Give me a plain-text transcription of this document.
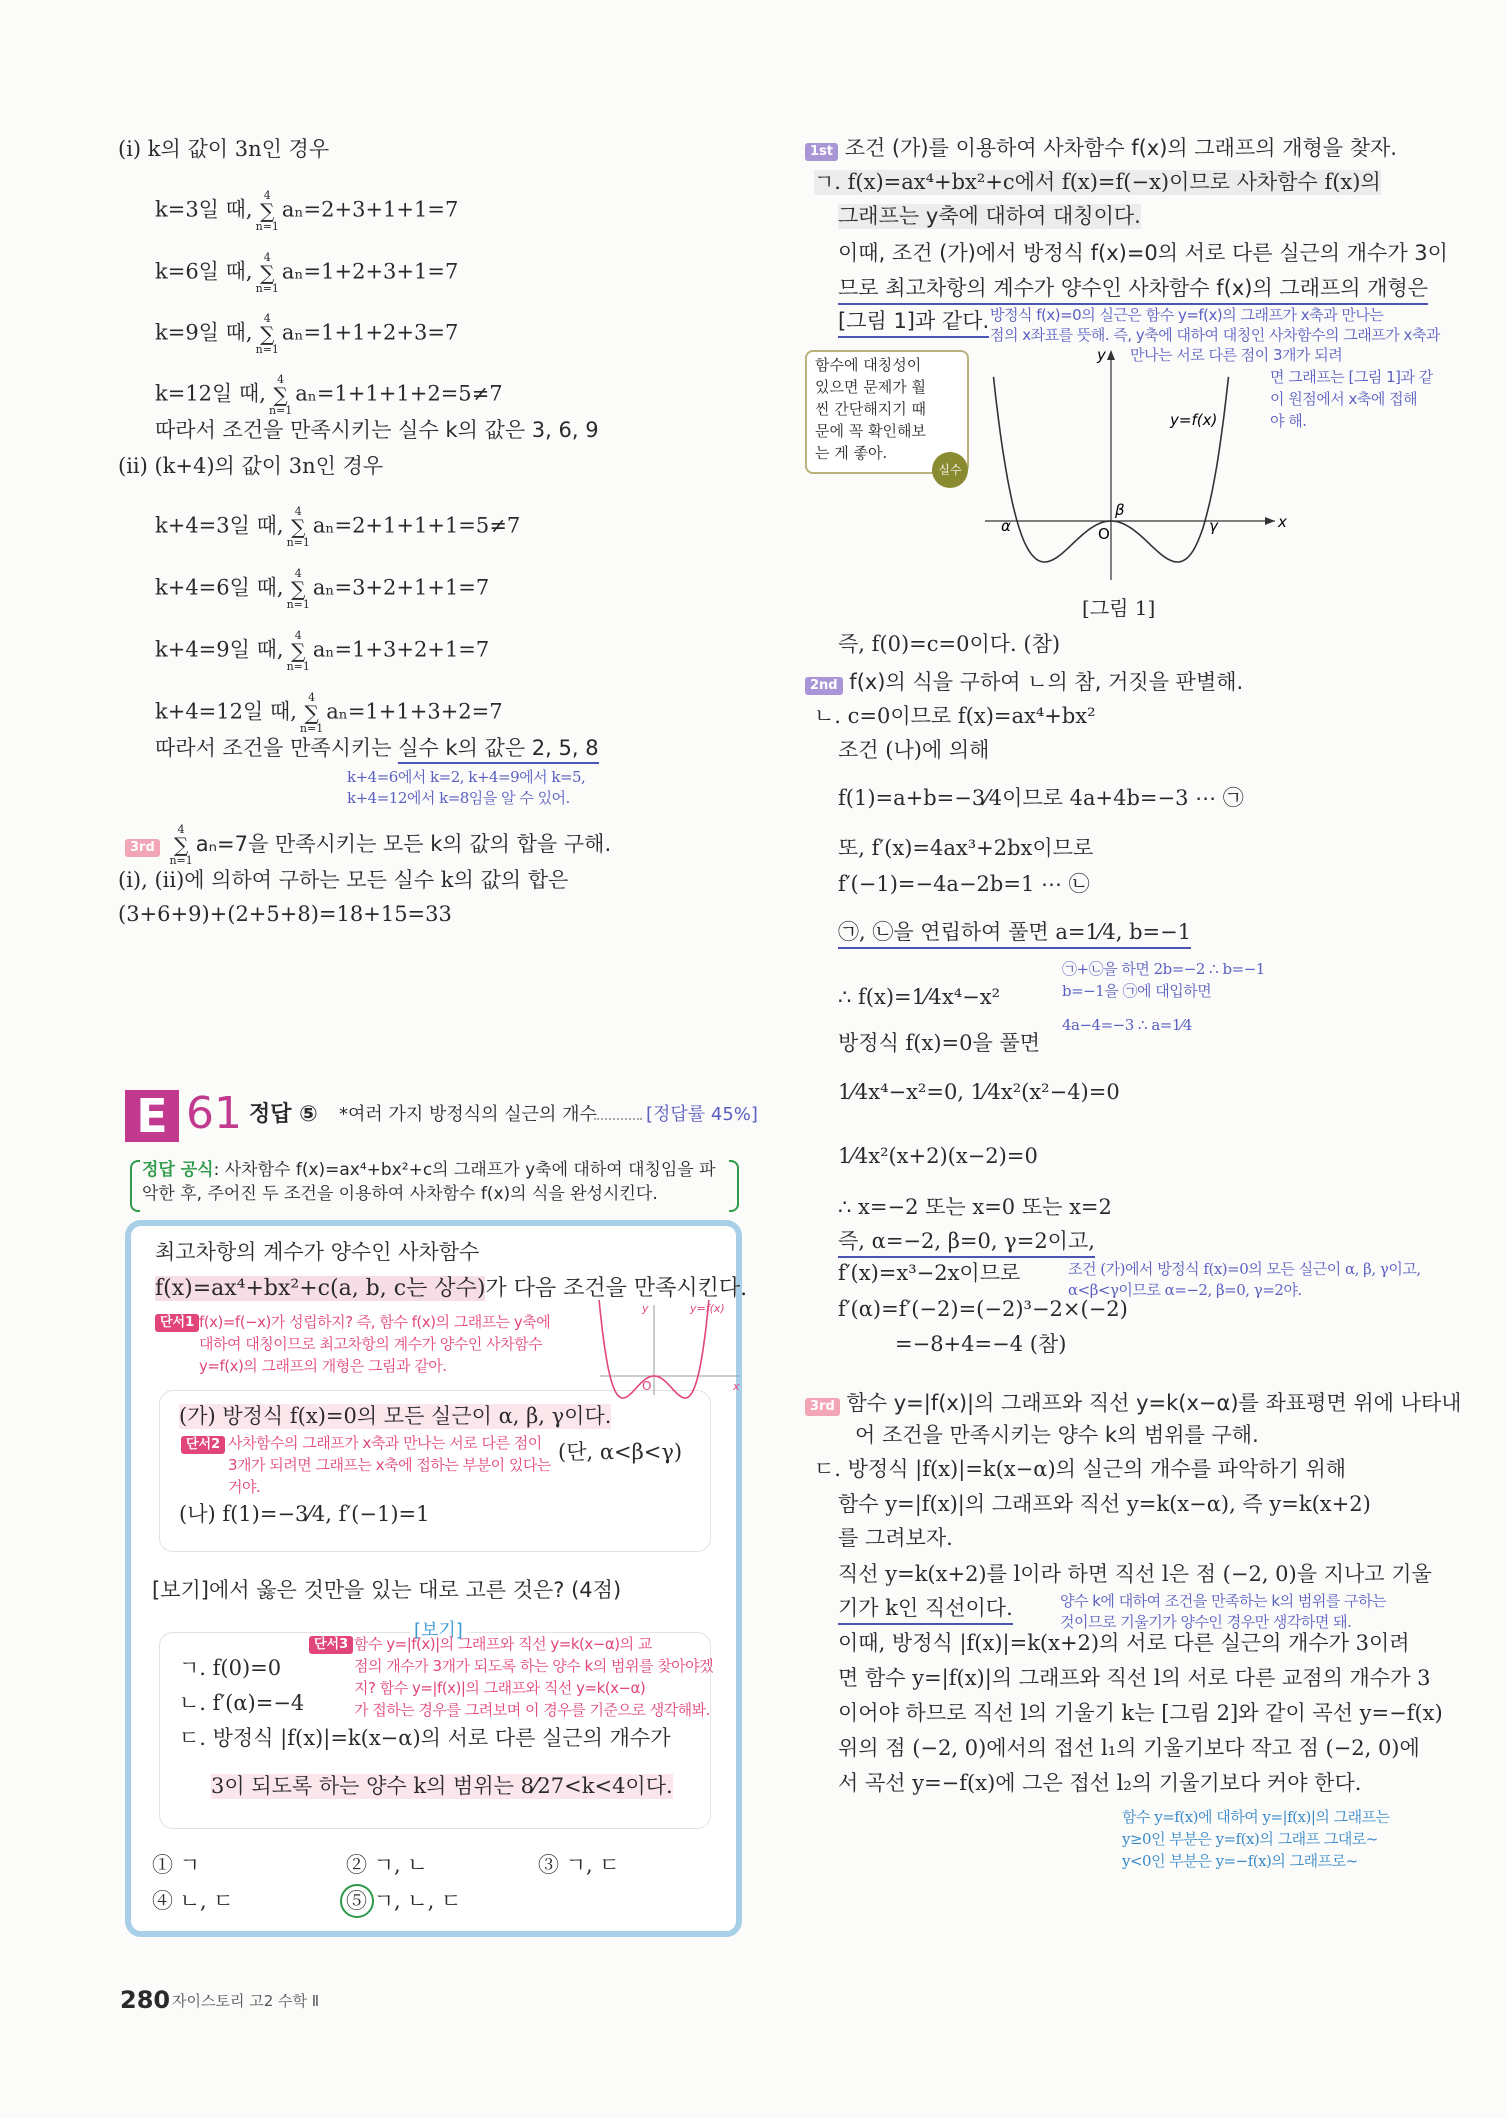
E 61 정답 ⑤ *여러 가지 방정식의 실근의 개수	[정답률 45%]
정답 공식: 사차함수 f(x)=ax⁴+bx²+c의 그래프가 y축에 대하여 대칭임을 파
악한 후, 주어진 두 조건을 이용하여 사차함수 f(x)의 식을 완성시킨다.
y
x
O
α
β
γ
y=f(x)
y	y=f(x)
O	x
(i) k의 값이 3n인 경우
k=3일 때,
4
∑
n=1
aₙ=2+3+1+1=7
k=6일 때,
4
∑
n=1
aₙ=1+2+3+1=7
k=9일 때,
4
∑
n=1
aₙ=1+1+2+3=7
k=12일 때,
4
∑
n=1
aₙ=1+1+1+2=5≠7
따라서 조건을 만족시키는 실수 k의 값은 3, 6, 9
(ii) (k+4)의 값이 3n인 경우
k+4=3일 때,
4
∑
n=1
aₙ=2+1+1+1=5≠7
k+4=6일 때,
4
∑
n=1
aₙ=3+2+1+1=7
k+4=9일 때,
4
∑
n=1
aₙ=1+3+2+1=7
k+4=12일 때,
4
∑
n=1
aₙ=1+1+3+2=7
따라서 조건을 만족시키는 실수 k의 값은 2, 5, 8
k+4=6에서 k=2, k+4=9에서 k=5,
k+4=12에서 k=8임을 알 수 있어.
3rd
4
∑
n=1
aₙ=7을 만족시키는 모든 k의 값의 합을 구해.
(i), (ii)에 의하여 구하는 모든 실수 k의 값의 합은
(3+6+9)+(2+5+8)=18+15=33
최고차항의 계수가 양수인 사차함수
f(x)=ax⁴+bx²+c(a, b, c는 상수)가 다음 조건을 만족시킨다.
단서1 f(x)=f(−x)가 성립하지? 즉, 함수 f(x)의 그래프는 y축에
대하여 대칭이므로 최고차항의 계수가 양수인 사차함수
y=f(x)의 그래프의 개형은 그림과 같아.
(가) 방정식 f(x)=0의 모든 실근이 α, β, γ이다.
단서2 사차함수의 그래프가 x축과 만나는 서로 다른 점이
3개가 되려면 그래프는 x축에 접하는 부분이 있다는
거야.
(단, α<β<γ)
(나) f(1)=−3⁄4, f′(−1)=1
[보기]에서 옳은 것만을 있는 대로 고른 것은? (4점)
[보기]
단서3 함수 y=|f(x)|의 그래프와 직선 y=k(x−α)의 교
점의 개수가 3개가 되도록 하는 양수 k의 범위를 찾아야겠
지? 함수 y=|f(x)|의 그래프와 직선 y=k(x−α)
가 접하는 경우를 그려보며 이 경우를 기준으로 생각해봐.
ㄱ. f(0)=0
ㄴ. f′(α)=−4
ㄷ. 방정식 |f(x)|=k(x−α)의 서로 다른 실근의 개수가
3이 되도록 하는 양수 k의 범위는 8⁄27<k<4이다.
① ㄱ	② ㄱ, ㄴ	③ ㄱ, ㄷ
④ ㄴ, ㄷ	⑤ ㄱ, ㄴ, ㄷ
1st 조건 (가)를 이용하여 사차함수 f(x)의 그래프의 개형을 찾자.
ㄱ. f(x)=ax⁴+bx²+c에서 f(x)=f(−x)이므로 사차함수 f(x)의
그래프는 y축에 대하여 대칭이다.
이때, 조건 (가)에서 방정식 f(x)=0의 서로 다른 실근의 개수가 3이
므로 최고차항의 계수가 양수인 사차함수 f(x)의 그래프의 개형은
[그림 1]과 같다. 방정식 f(x)=0의 실근은 함수 y=f(x)의 그래프가 x축과 만나는
점의 x좌표를 뜻해. 즉, y축에 대하여 대칭인 사차함수의 그래프가 x축과
만나는 서로 다른 점이 3개가 되려
면 그래프는 [그림 1]과 같
이 원점에서 x축에 접해
야 해.
함수에 대칭성이
있으면 문제가 훨
씬 간단해지기 때
문에 꼭 확인해보
는 게 좋아.
실수
[그림 1]
즉, f(0)=c=0이다. (참)
2nd f(x)의 식을 구하여 ㄴ의 참, 거짓을 판별해.
ㄴ. c=0이므로 f(x)=ax⁴+bx²
조건 (나)에 의해
f(1)=a+b=−3⁄4이므로 4a+4b=−3 ⋯ ㉠
또, f′(x)=4ax³+2bx이므로
f′(−1)=−4a−2b=1 ⋯ ㉡
㉠, ㉡을 연립하여 풀면 a=1⁄4, b=−1
∴ f(x)=1⁄4x⁴−x²
방정식 f(x)=0을 풀면
1⁄4x⁴−x²=0, 1⁄4x²(x²−4)=0
1⁄4x²(x+2)(x−2)=0
∴ x=−2 또는 x=0 또는 x=2
즉, α=−2, β=0, γ=2이고,
f′(x)=x³−2x이므로
f′(α)=f′(−2)=(−2)³−2×(−2)
=−8+4=−4 (참)
㉠+㉡을 하면 2b=−2 ∴ b=−1
b=−1을 ㉠에 대입하면
4a−4=−3 ∴ a=1⁄4
조건 (가)에서 방정식 f(x)=0의 모든 실근이 α, β, γ이고,
α<β<γ이므로 α=−2, β=0, γ=2야.
3rd 함수 y=|f(x)|의 그래프와 직선 y=k(x−α)를 좌표평면 위에 나타내
어 조건을 만족시키는 양수 k의 범위를 구해.
ㄷ. 방정식 |f(x)|=k(x−α)의 실근의 개수를 파악하기 위해
함수 y=|f(x)|의 그래프와 직선 y=k(x−α), 즉 y=k(x+2)
를 그려보자.
직선 y=k(x+2)를 l이라 하면 직선 l은 점 (−2, 0)을 지나고 기울
기가 k인 직선이다.
이때, 방정식 |f(x)|=k(x+2)의 서로 다른 실근의 개수가 3이려
면 함수 y=|f(x)|의 그래프와 직선 l의 서로 다른 교점의 개수가 3
이어야 하므로 직선 l의 기울기 k는 [그림 2]와 같이 곡선 y=−f(x)
위의 점 (−2, 0)에서의 접선 l₁의 기울기보다 작고 점 (−2, 0)에
서 곡선 y=−f(x)에 그은 접선 l₂의 기울기보다 커야 한다.
양수 k에 대하여 조건을 만족하는 k의 범위를 구하는
것이므로 기울기가 양수인 경우만 생각하면 돼.
함수 y=f(x)에 대하여 y=|f(x)|의 그래프는
y≥0인 부분은 y=f(x)의 그래프 그대로~
y<0인 부분은 y=−f(x)의 그래프로~
280 자이스토리 고2 수학 Ⅱ
